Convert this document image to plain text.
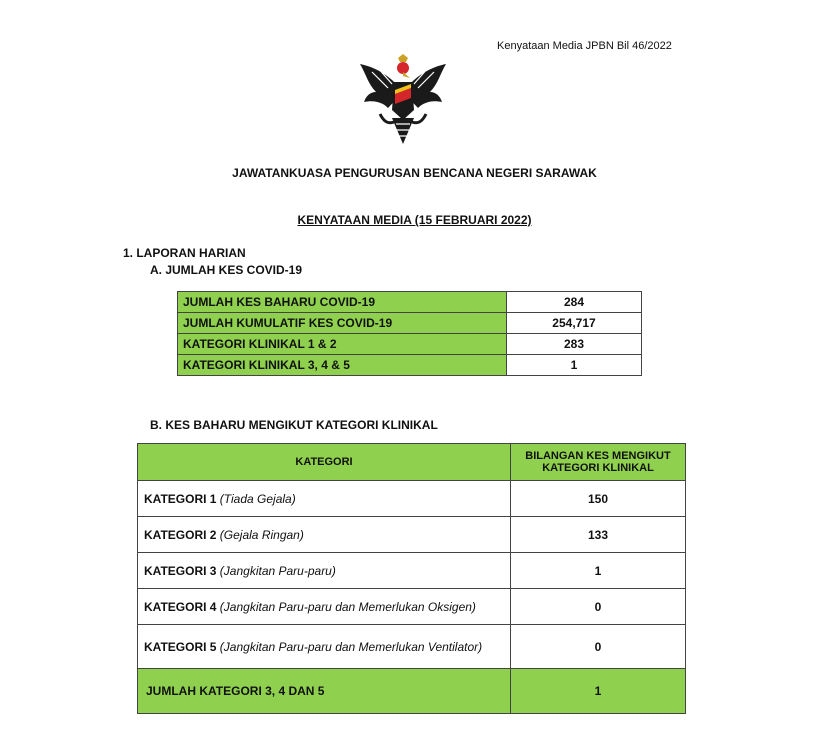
Kenyataan Media JPBN Bil 46/2022
JAWATANKUASA PENGURUSAN BENCANA NEGERI SARAWAK
KENYATAAN MEDIA (15 FEBRUARI 2022)
1. LAPORAN HARIAN
A. JUMLAH KES COVID-19
JUMLAH KES BAHARU COVID-19	284
JUMLAH KUMULATIF KES COVID-19	254,717
KATEGORI KLINIKAL 1 & 2	283
KATEGORI KLINIKAL 3, 4 & 5	1
B. KES BAHARU MENGIKUT KATEGORI KLINIKAL
KATEGORI	BILANGAN KES MENGIKUT KATEGORI KLINIKAL
KATEGORI 1 (Tiada Gejala)	150
KATEGORI 2 (Gejala Ringan)	133
KATEGORI 3 (Jangkitan Paru-paru)	1
KATEGORI 4 (Jangkitan Paru-paru dan Memerlukan Oksigen)	0
KATEGORI 5 (Jangkitan Paru-paru dan Memerlukan Ventilator)	0
JUMLAH KATEGORI 3, 4 DAN 5	1
